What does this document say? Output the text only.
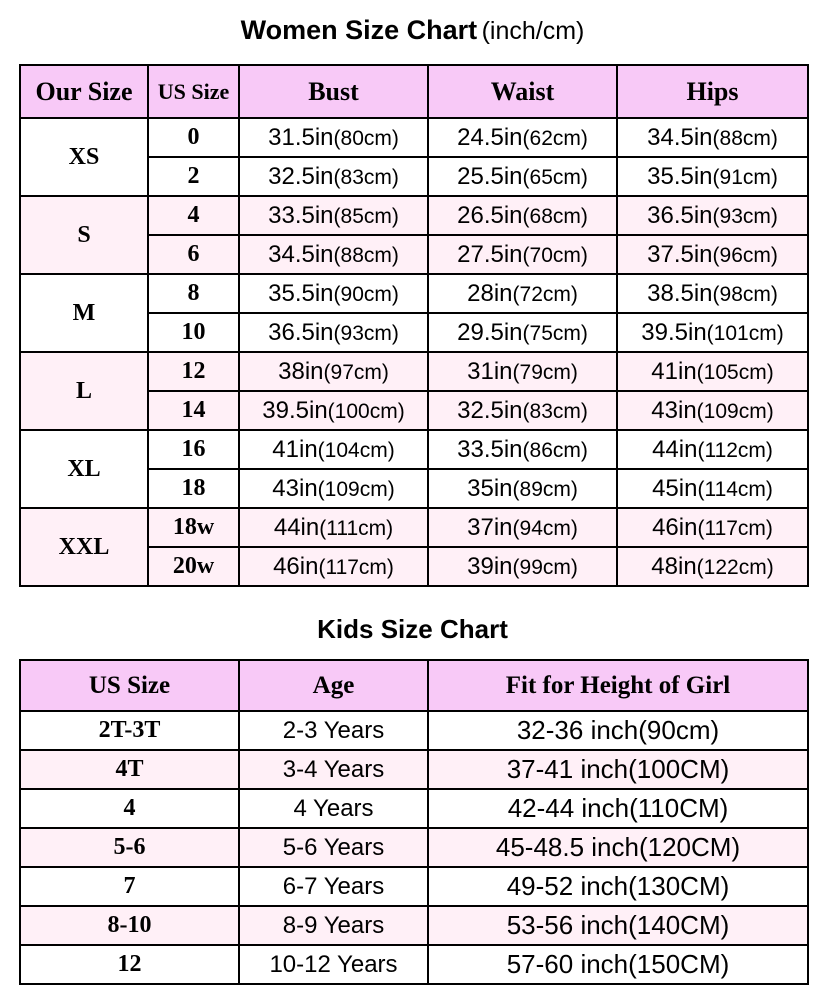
Women Size Chart (inch/cm)
Our Size	US Size	Bust	Waist	Hips
XS	0	31.5in(80cm)	24.5in(62cm)	34.5in(88cm)
	2	32.5in(83cm)	25.5in(65cm)	35.5in(91cm)
S	4	33.5in(85cm)	26.5in(68cm)	36.5in(93cm)
	6	34.5in(88cm)	27.5in(70cm)	37.5in(96cm)
M	8	35.5in(90cm)	28in(72cm)	38.5in(98cm)
	10	36.5in(93cm)	29.5in(75cm)	39.5in(101cm)
L	12	38in(97cm)	31in(79cm)	41in(105cm)
	14	39.5in(100cm)	32.5in(83cm)	43in(109cm)
XL	16	41in(104cm)	33.5in(86cm)	44in(112cm)
	18	43in(109cm)	35in(89cm)	45in(114cm)
XXL	18w	44in(111cm)	37in(94cm)	46in(117cm)
	20w	46in(117cm)	39in(99cm)	48in(122cm)
Kids Size Chart
US Size	Age	Fit for Height of Girl
2T-3T	2-3 Years	32-36 inch(90cm)
4T	3-4 Years	37-41 inch(100CM)
4	4 Years	42-44 inch(110CM)
5-6	5-6 Years	45-48.5 inch(120CM)
7	6-7 Years	49-52 inch(130CM)
8-10	8-9 Years	53-56 inch(140CM)
12	10-12 Years	57-60 inch(150CM)
